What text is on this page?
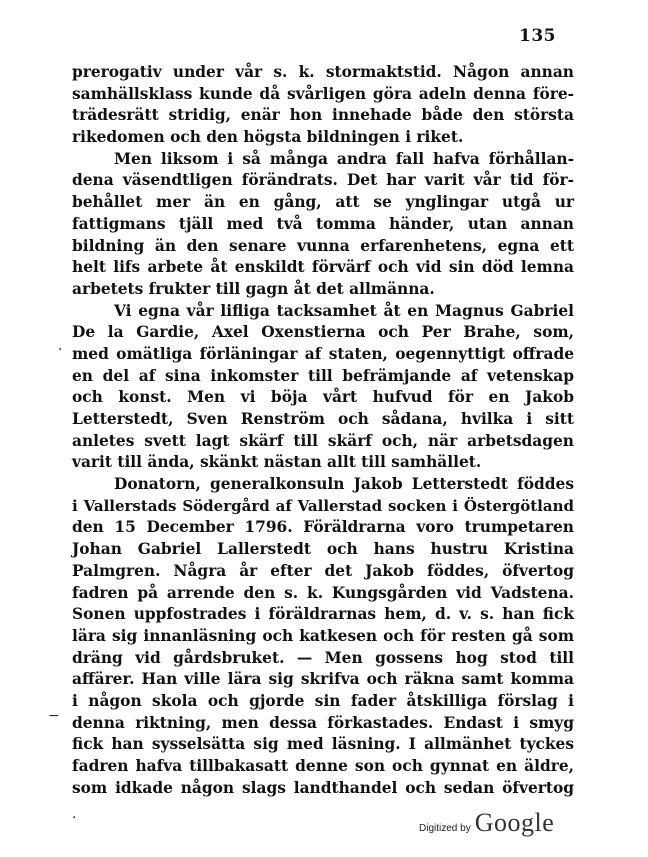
135
prerogativ under vår s. k. stormaktstid. Någon annan
samhällsklass kunde då svårligen göra adeln denna före-
trädesrätt stridig, enär hon innehade både den största
rikedomen och den högsta bildningen i riket.
Men liksom i så många andra fall hafva förhållan-
dena väsendtligen förändrats. Det har varit vår tid för-
behållet mer än en gång, att se ynglingar utgå ur
fattigmans tjäll med två tomma händer, utan annan
bildning än den senare vunna erfarenhetens, egna ett
helt lifs arbete åt enskildt förvärf och vid sin död lemna
arbetets frukter till gagn åt det allmänna.
Vi egna vår lifliga tacksamhet åt en Magnus Gabriel
De la Gardie, Axel Oxenstierna och Per Brahe, som,
med omätliga förläningar af staten, oegennyttigt offrade
en del af sina inkomster till befrämjande af vetenskap
och konst. Men vi böja vårt hufvud för en Jakob
Letterstedt, Sven Renström och sådana, hvilka i sitt
anletes svett lagt skärf till skärf och, när arbetsdagen
varit till ända, skänkt nästan allt till samhället.
Donatorn, generalkonsuln Jakob Letterstedt föddes
i Vallerstads Södergård af Vallerstad socken i Östergötland
den 15 December 1796. Föräldrarna voro trumpetaren
Johan Gabriel Lallerstedt och hans hustru Kristina
Palmgren. Några år efter det Jakob föddes, öfvertog
fadren på arrende den s. k. Kungsgården vid Vadstena.
Sonen uppfostrades i föräldrarnas hem, d. v. s. han fick
lära sig innanläsning och katkesen och för resten gå som
dräng vid gårdsbruket. — Men gossens hog stod till
affärer. Han ville lära sig skrifva och räkna samt komma
i någon skola och gjorde sin fader åtskilliga förslag i
denna riktning, men dessa förkastades. Endast i smyg
fick han sysselsätta sig med läsning. I allmänhet tyckes
fadren hafva tillbakasatt denne son och gynnat en äldre,
som idkade någon slags landthandel och sedan öfvertog
·
−
·
Digitized by Google
